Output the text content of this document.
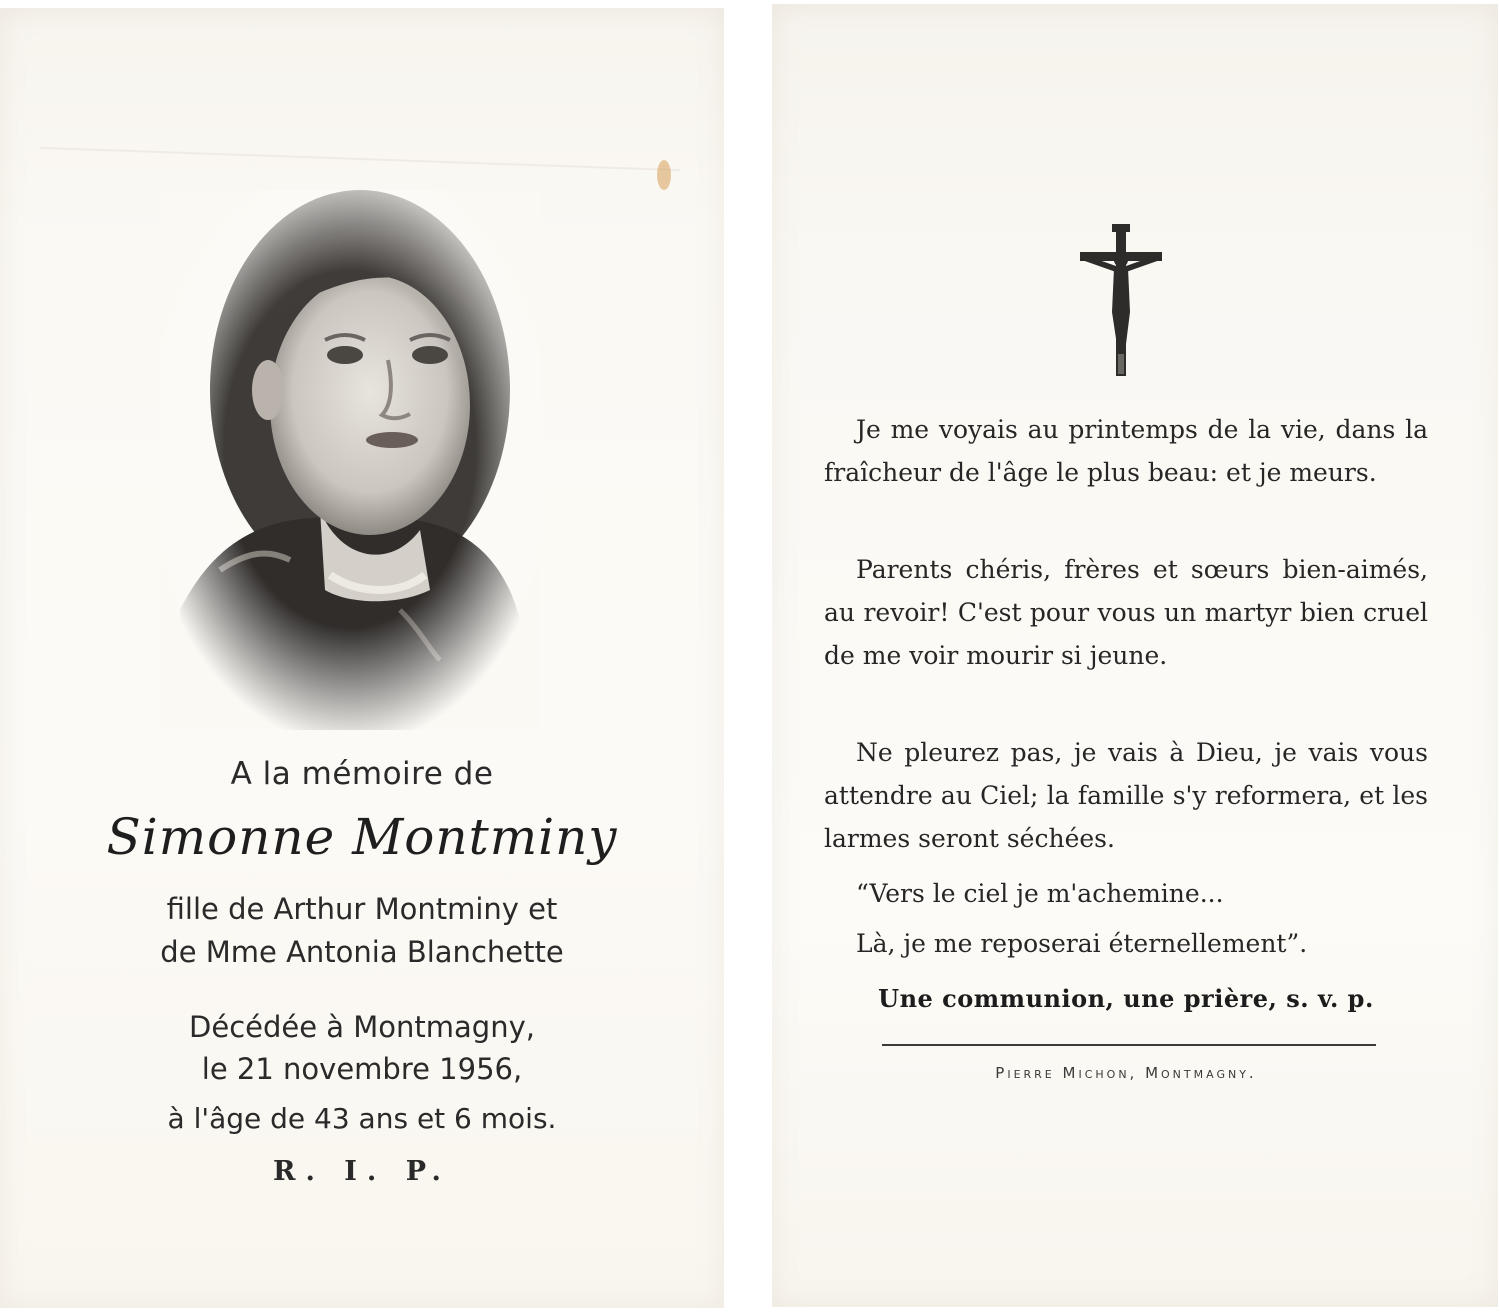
A la mémoire de
Simonne Montminy
fille de Arthur Montminy et
de Mme Antonia Blanchette
Décédée à Montmagny,
le 21 novembre 1956,
à l'âge de 43 ans et 6 mois.
R. I. P.

Je me voyais au printemps de la vie, dans la fraîcheur de l'âge le plus beau: et je meurs.

Parents chéris, frères et sœurs bien-aimés, au revoir! C'est pour vous un martyr bien cruel de me voir mourir si jeune.

Ne pleurez pas, je vais à Dieu, je vais vous attendre au Ciel; la famille s'y reformera, et les larmes seront séchées.

“Vers le ciel je m'achemine...

Là, je me reposerai éternellement”.

Une communion, une prière, s. v. p.
Pierre Michon, Montmagny.
